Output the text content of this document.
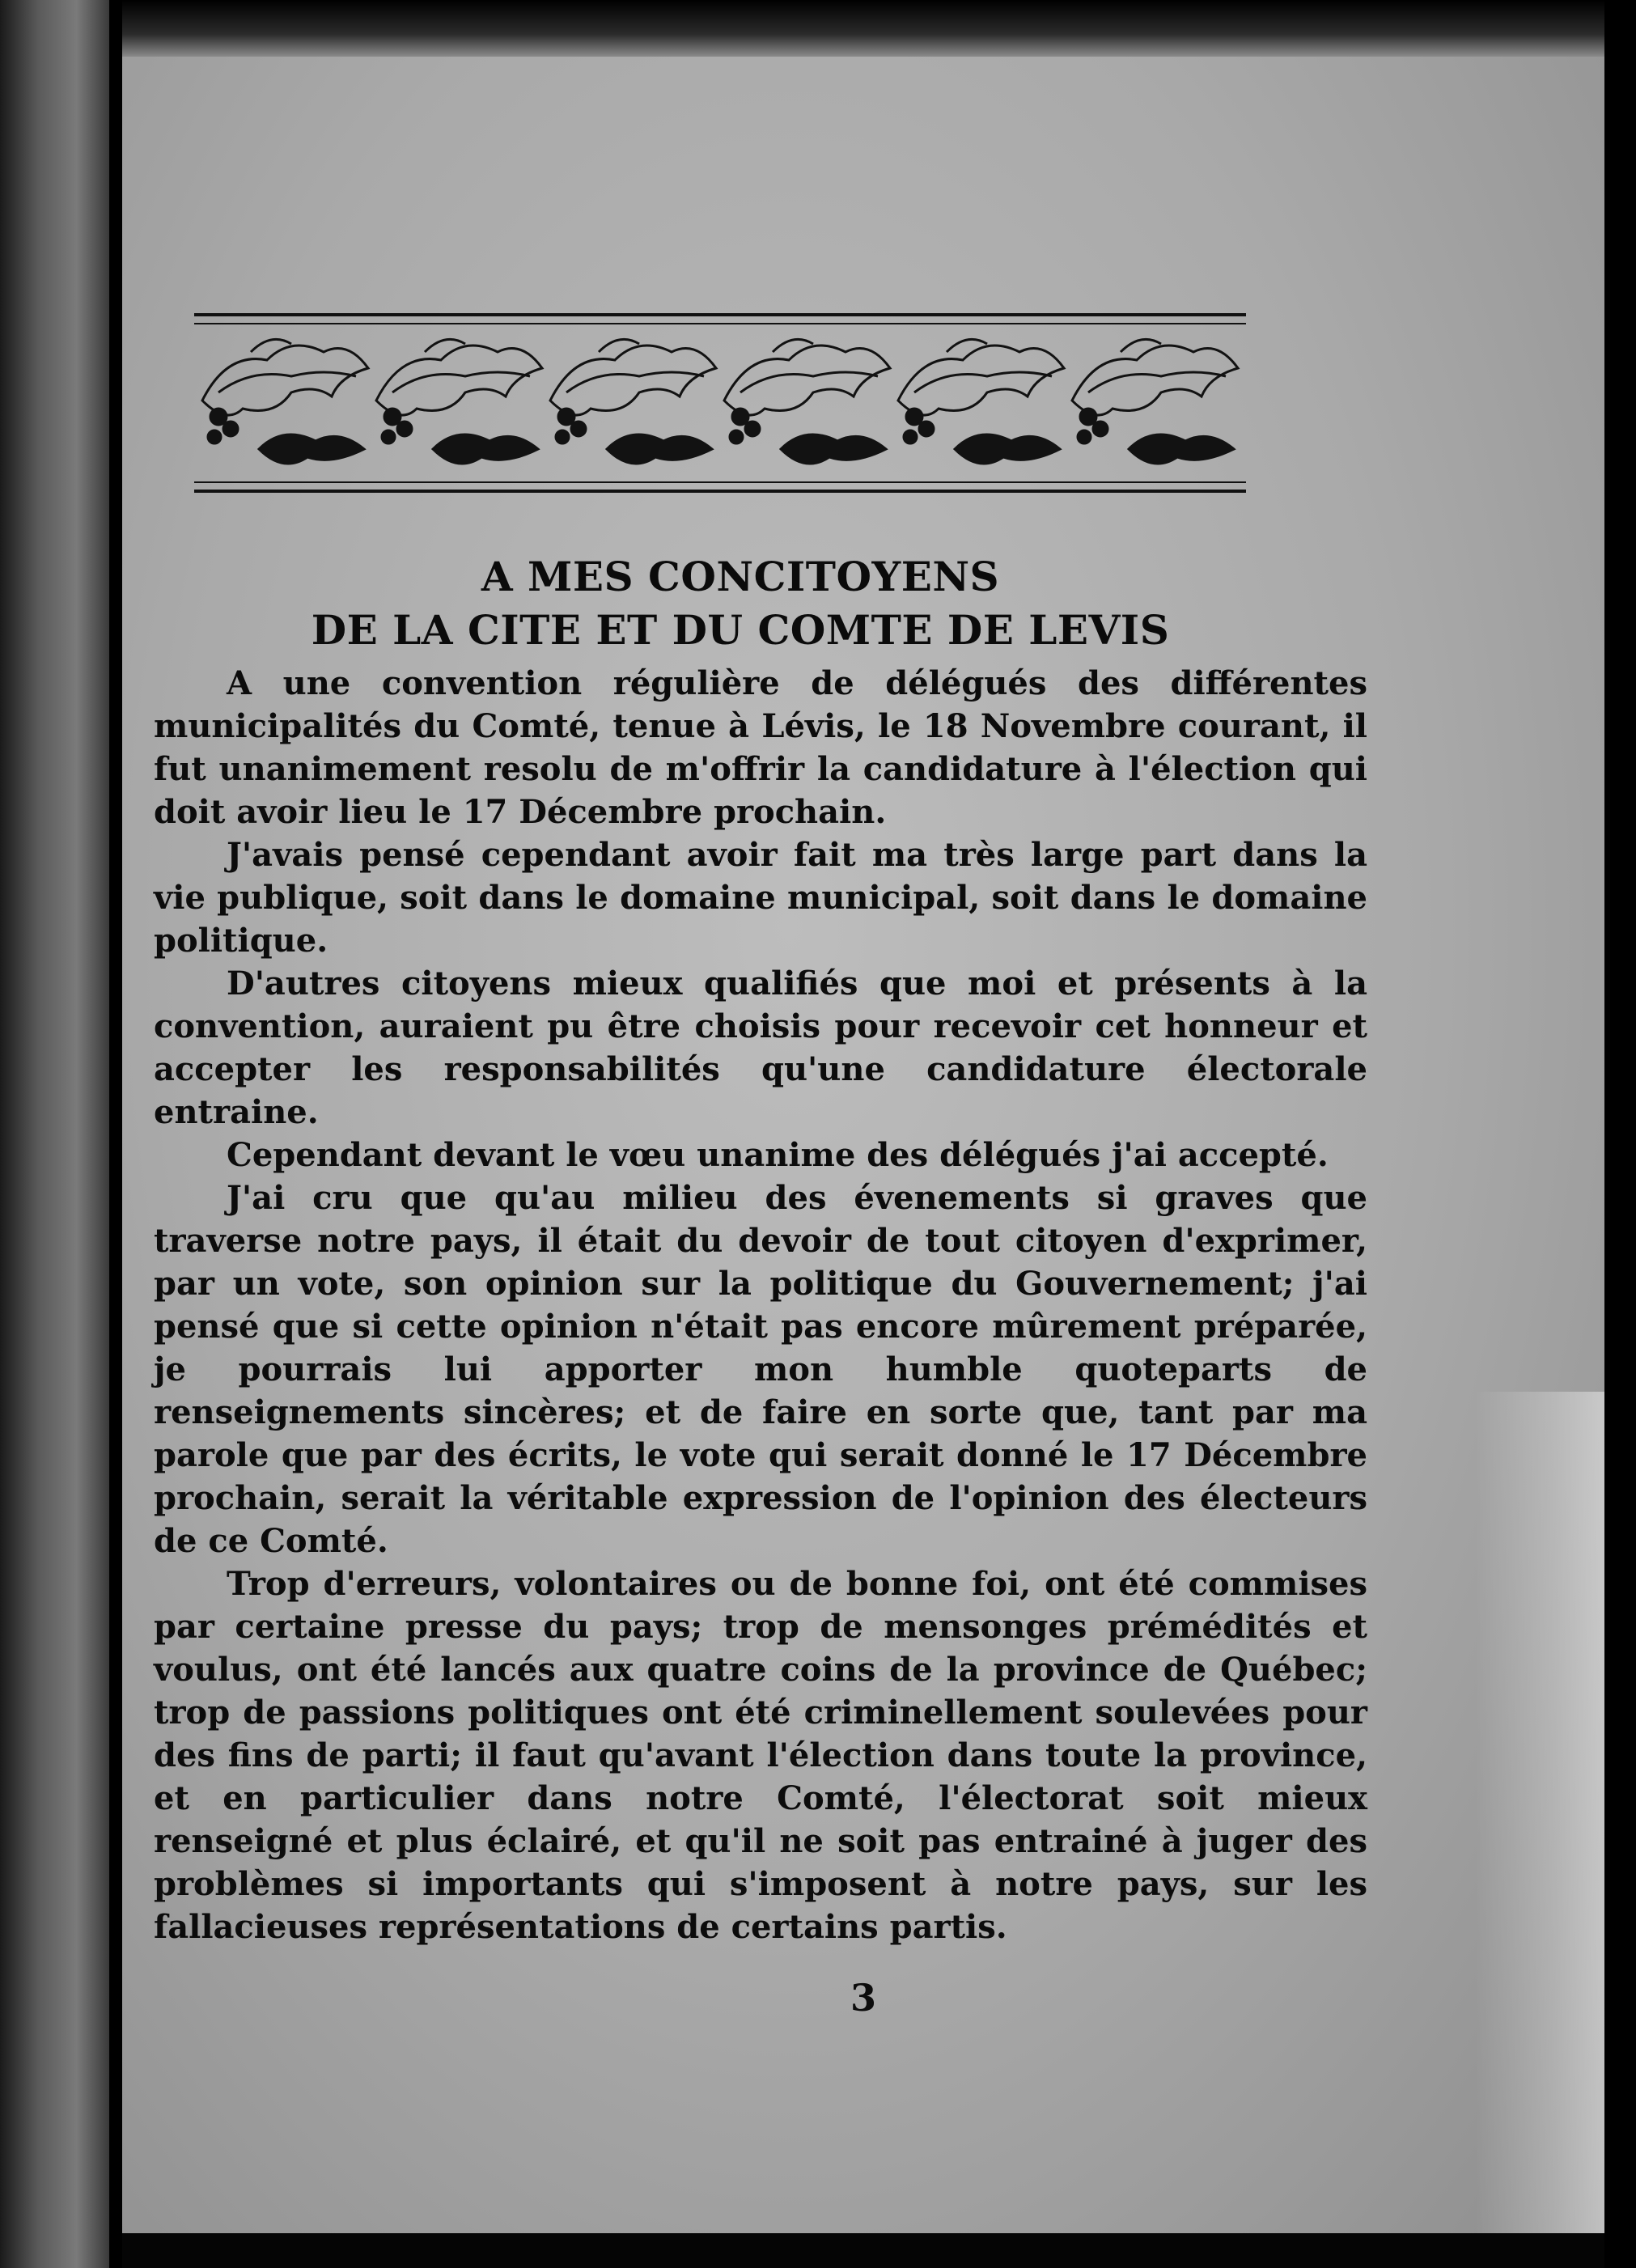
A MES CONCITOYENS
DE LA CITE ET DU COMTE DE LEVIS

A une convention régulière de délégués des différentes municipalités du Comté, tenue à Lévis, le 18 Novembre courant, il fut unanimement resolu de m'offrir la candidature à l'élection qui doit avoir lieu le 17 Décembre prochain.

J'avais pensé cependant avoir fait ma très large part dans la vie publique, soit dans le domaine municipal, soit dans le domaine politique.

D'autres citoyens mieux qualifiés que moi et présents à la convention, auraient pu être choisis pour recevoir cet honneur et accepter les responsabilités qu'une candidature électorale entraine.

Cependant devant le vœu unanime des délégués j'ai accepté.

J'ai cru que qu'au milieu des évenements si graves que traverse notre pays, il était du devoir de tout citoyen d'exprimer, par un vote, son opinion sur la politique du Gouvernement; j'ai pensé que si cette opinion n'était pas encore mûrement préparée, je pourrais lui apporter mon humble quoteparts de renseignements sincères; et de faire en sorte que, tant par ma parole que par des écrits, le vote qui serait donné le 17 Décembre prochain, serait la véritable expression de l'opinion des électeurs de ce Comté.

Trop d'erreurs, volontaires ou de bonne foi, ont été commises par certaine presse du pays; trop de mensonges prémédités et voulus, ont été lancés aux quatre coins de la province de Québec; trop de passions politiques ont été criminellement soulevées pour des fins de parti; il faut qu'avant l'élection dans toute la province, et en particulier dans notre Comté, l'électorat soit mieux renseigné et plus éclairé, et qu'il ne soit pas entrainé à juger des problèmes si importants qui s'imposent à notre pays, sur les fallacieuses représentations de certains partis.

3
